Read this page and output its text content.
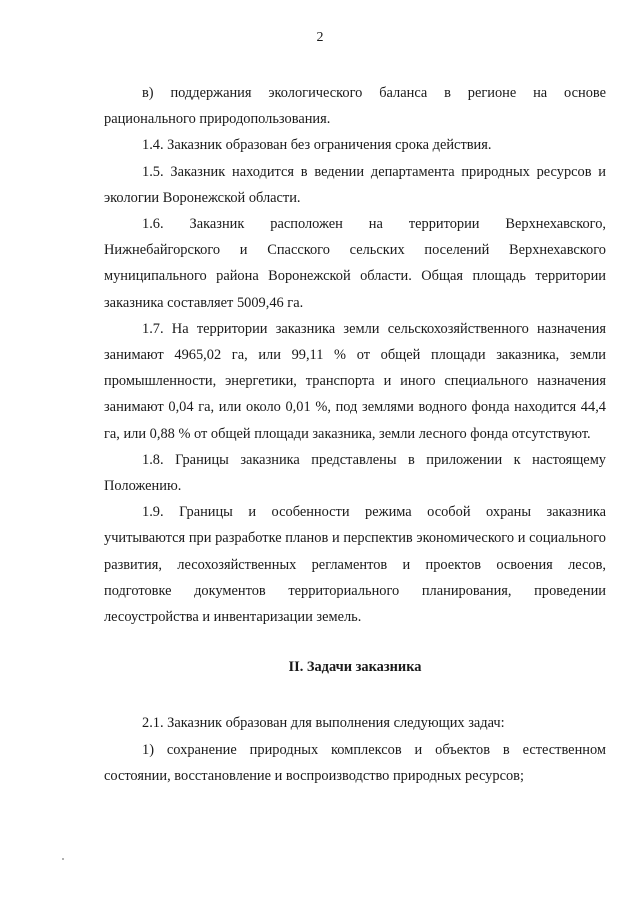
2

в) поддержания экологического баланса в регионе на основе рационального природопользования.

1.4. Заказник образован без ограничения срока действия.

1.5. Заказник находится в ведении департамента природных ресурсов и экологии Воронежской области.

1.6. Заказник расположен на территории Верхнехавского, Нижнебайгорского и Спасского сельских поселений Верхнехавского муниципального района Воронежской области. Общая площадь территории заказника составляет 5009,46 га.

1.7. На территории заказника земли сельскохозяйственного назначения занимают 4965,02 га, или 99,11 % от общей площади заказника, земли промышленности, энергетики, транспорта и иного специального назначения занимают 0,04 га, или около 0,01 %, под землями водного фонда находится 44,4 га, или 0,88 % от общей площади заказника, земли лесного фонда отсутствуют.

1.8. Границы заказника представлены в приложении к настоящему Положению.

1.9. Границы и особенности режима особой охраны заказника учитываются при разработке планов и перспектив экономического и социального развития, лесохозяйственных регламентов и проектов освоения лесов, подготовке документов территориального планирования, проведении лесоустройства и инвентаризации земель.

II. Задачи заказника

2.1. Заказник образован для выполнения следующих задач:

1) сохранение природных комплексов и объектов в естественном состоянии, восстановление и воспроизводство природных ресурсов;
